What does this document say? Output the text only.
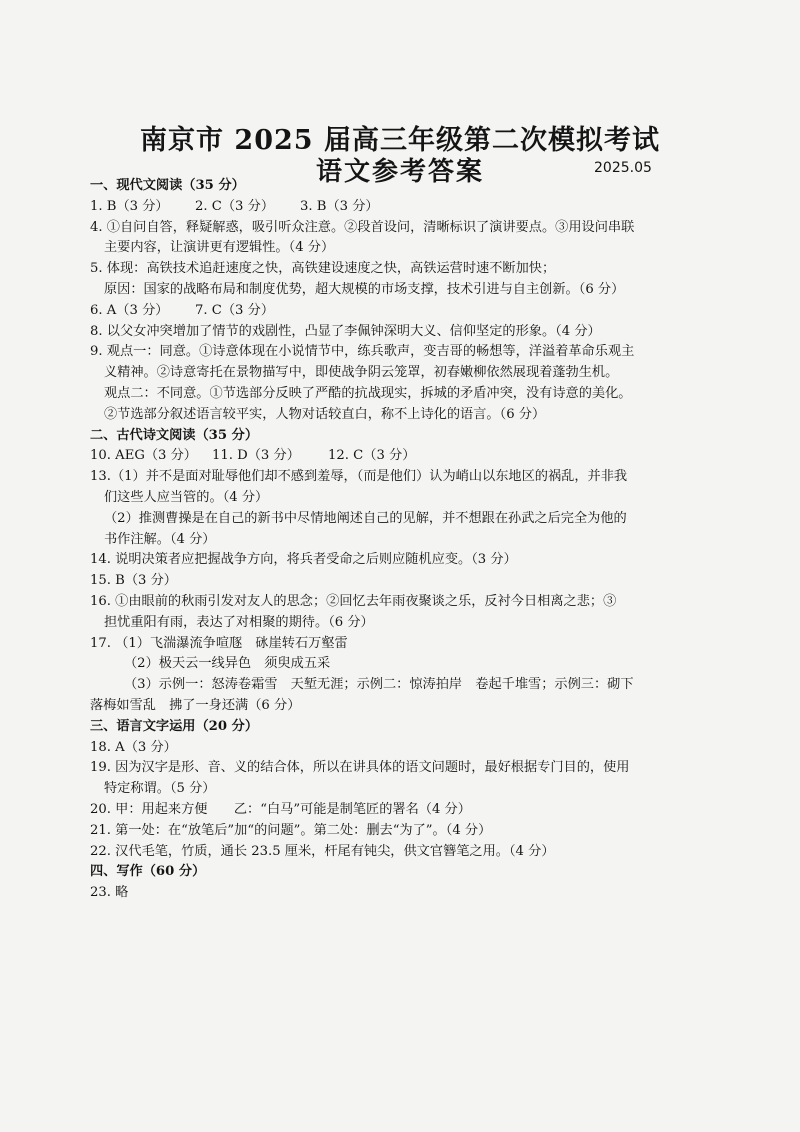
南京市 2025 届高三年级第二次模拟考试
语文参考答案	2025.05
一、现代文阅读（35 分）
1. B（3 分） 2. C（3 分） 3. B（3 分）
4. ①自问自答，释疑解惑，吸引听众注意。②段首设问，清晰标识了演讲要点。③用设问串联
主要内容，让演讲更有逻辑性。（4 分）
5. 体现：高铁技术追赶速度之快，高铁建设速度之快，高铁运营时速不断加快；
原因：国家的战略布局和制度优势，超大规模的市场支撑，技术引进与自主创新。（6 分）
6. A（3 分） 7. C（3 分）
8. 以父女冲突增加了情节的戏剧性，凸显了李佩钟深明大义、信仰坚定的形象。（4 分）
9. 观点一：同意。①诗意体现在小说情节中，练兵歌声，变吉哥的畅想等，洋溢着革命乐观主
义精神。②诗意寄托在景物描写中，即使战争阴云笼罩，初春嫩柳依然展现着蓬勃生机。
观点二：不同意。①节选部分反映了严酷的抗战现实，拆城的矛盾冲突，没有诗意的美化。
②节选部分叙述语言较平实，人物对话较直白，称不上诗化的语言。（6 分）
二、古代诗文阅读（35 分）
10. AEG（3 分） 11. D（3 分） 12. C（3 分）
13.（1）并不是面对耻辱他们却不感到羞辱，（而是他们）认为峭山以东地区的祸乱，并非我
们这些人应当管的。（4 分）
（2）推测曹操是在自己的新书中尽情地阐述自己的见解，并不想跟在孙武之后完全为他的
书作注解。（4 分）
14. 说明决策者应把握战争方向，将兵者受命之后则应随机应变。（3 分）
15. B（3 分）
16. ①由眼前的秋雨引发对友人的思念；②回忆去年雨夜聚谈之乐，反衬今日相离之悲；③
担忧重阳有雨，表达了对相聚的期待。（6 分）
17. （1）飞湍瀑流争喧豗　砯崖转石万壑雷
（2）极天云一线异色　须臾成五采
（3）示例一：怒涛卷霜雪　天堑无涯；示例二：惊涛拍岸　卷起千堆雪；示例三：砌下
落梅如雪乱　拂了一身还满（6 分）
三、语言文字运用（20 分）
18. A（3 分）
19. 因为汉字是形、音、义的结合体，所以在讲具体的语文问题时，最好根据专门目的，使用
特定称谓。（5 分）
20. 甲：用起来方便　　乙：“白马”可能是制笔匠的署名（4 分）
21. 第一处：在“放笔后”加“的问题”。第二处：删去“为了”。（4 分）
22. 汉代毛笔，竹质，通长 23.5 厘米，杆尾有钝尖，供文官簪笔之用。（4 分）
四、写作（60 分）
23. 略
